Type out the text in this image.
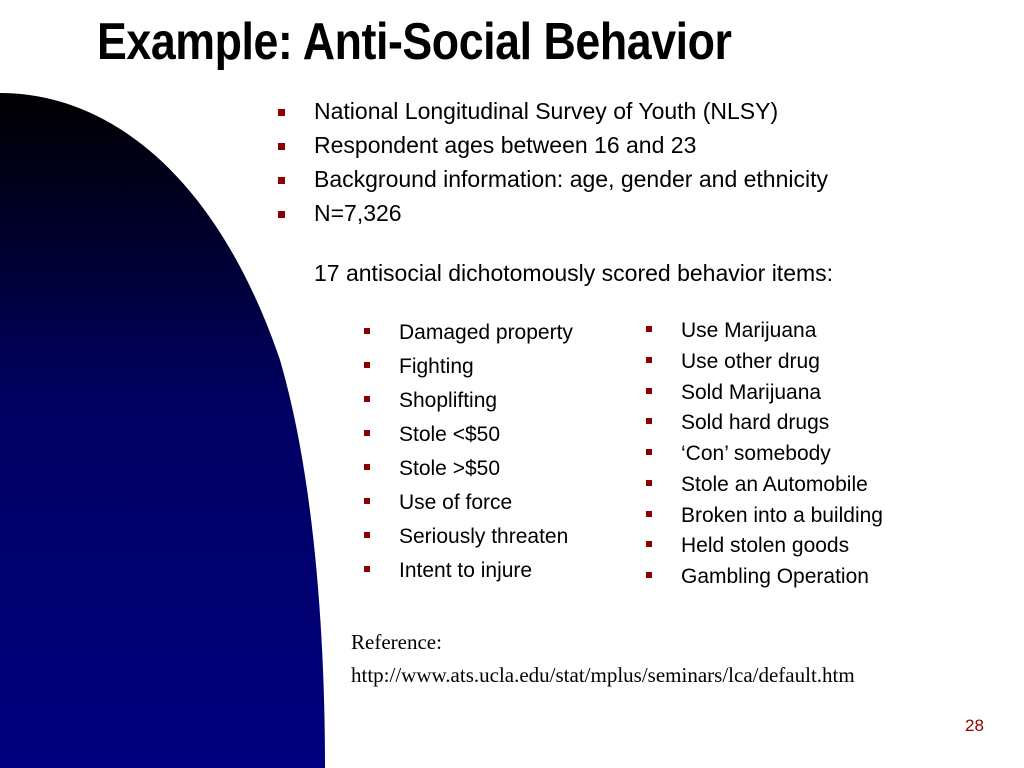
Example: Anti-Social Behavior
National Longitudinal Survey of Youth (NLSY)
Respondent ages between 16 and 23
Background information: age, gender and ethnicity
N=7,326
17 antisocial dichotomously scored behavior items:
Damaged property
Fighting
Shoplifting
Stole <$50
Stole >$50
Use of force
Seriously threaten
Intent to injure
Use Marijuana
Use other drug
Sold Marijuana
Sold hard drugs
‘Con’ somebody
Stole an Automobile
Broken into a building
Held stolen goods
Gambling Operation
Reference:
http://www.ats.ucla.edu/stat/mplus/seminars/lca/default.htm
28
